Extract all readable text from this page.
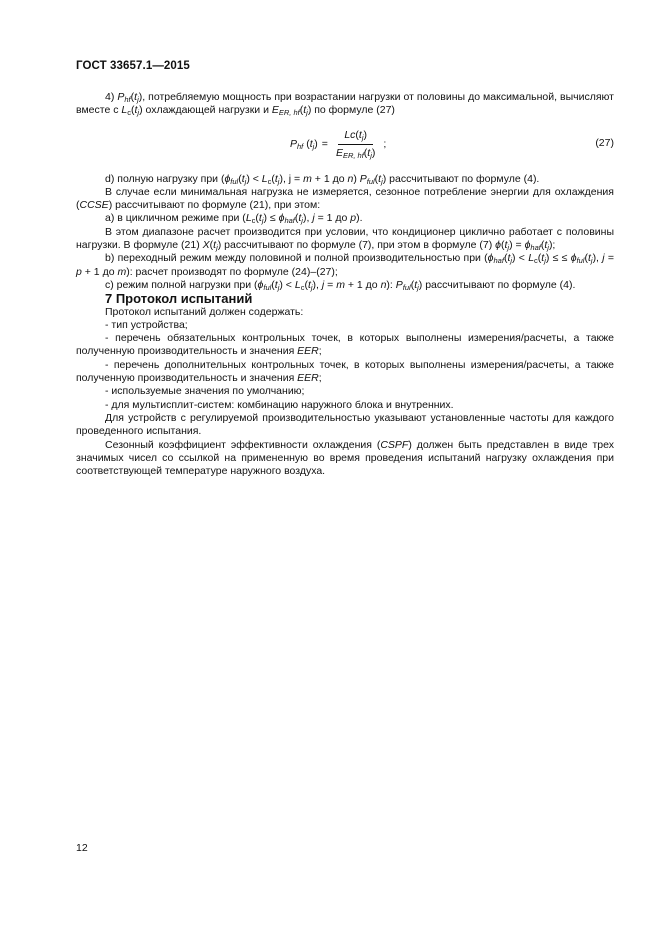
ГОСТ 33657.1—2015

4) $P_{hf}(t_j)$, потребляемую мощность при возрастании нагрузки от половины до максимальной, вычисляют вместе с $L_c(t_j)$ охлаждающей нагрузки и $E_{ER, hf}(t_j)$ по формуле (27)

$P_{hf}$ $(t_j) = \frac{Lc(t_j)}{E_{ER, hf}(t_j)}$ ;	(27)

d) полную нагрузку при ($\phi_{ful}(t_j) < L_c(t_j)$, j = m + 1 до n) $P_{ful}(t_j)$ рассчитывают по формуле (4).

В случае если минимальная нагрузка не измеряется, сезонное потребление энергии для охлаждения (CCSE) рассчитывают по формуле (21), при этом:

а) в цикличном режиме при ($L_c(t_j) \le \phi_{haf}(t_j)$, j = 1 до p).

В этом диапазоне расчет производится при условии, что кондиционер циклично работает с половины нагрузки. В формуле (21) $X(t_j)$ рассчитывают по формуле (7), при этом в формуле (7) $\phi(t_j) = \phi_{haf}(t_j)$;

b) переходный режим между половиной и полной производительностью при ($\phi_{haf}(t_j) < L_c(t_j)$ ≤ ≤ $\phi_{ful}(t_j)$, j = p + 1 до m): расчет производят по формуле (24)–(27);

c) режим полной нагрузки при ($\phi_{ful}(t_j) < L_c(t_j)$, j = m + 1 до n): $P_{ful}(t_j)$ рассчитывают по формуле (4).

7 Протокол испытаний

Протокол испытаний должен содержать:

- тип устройства;

- перечень обязательных контрольных точек, в которых выполнены измерения/расчеты, а также полученную производительность и значения EER;

- перечень дополнительных контрольных точек, в которых выполнены измерения/расчеты, а также полученную производительность и значения EER;

- используемые значения по умолчанию;

- для мультисплит-систем: комбинацию наружного блока и внутренних.

Для устройств с регулируемой производительностью указывают установленные частоты для каждого проведенного испытания.

Сезонный коэффициент эффективности охлаждения (CSPF) должен быть представлен в виде трех значимых чисел со ссылкой на примененную во время проведения испытаний нагрузку охлаждения при соответствующей температуре наружного воздуха.

12
